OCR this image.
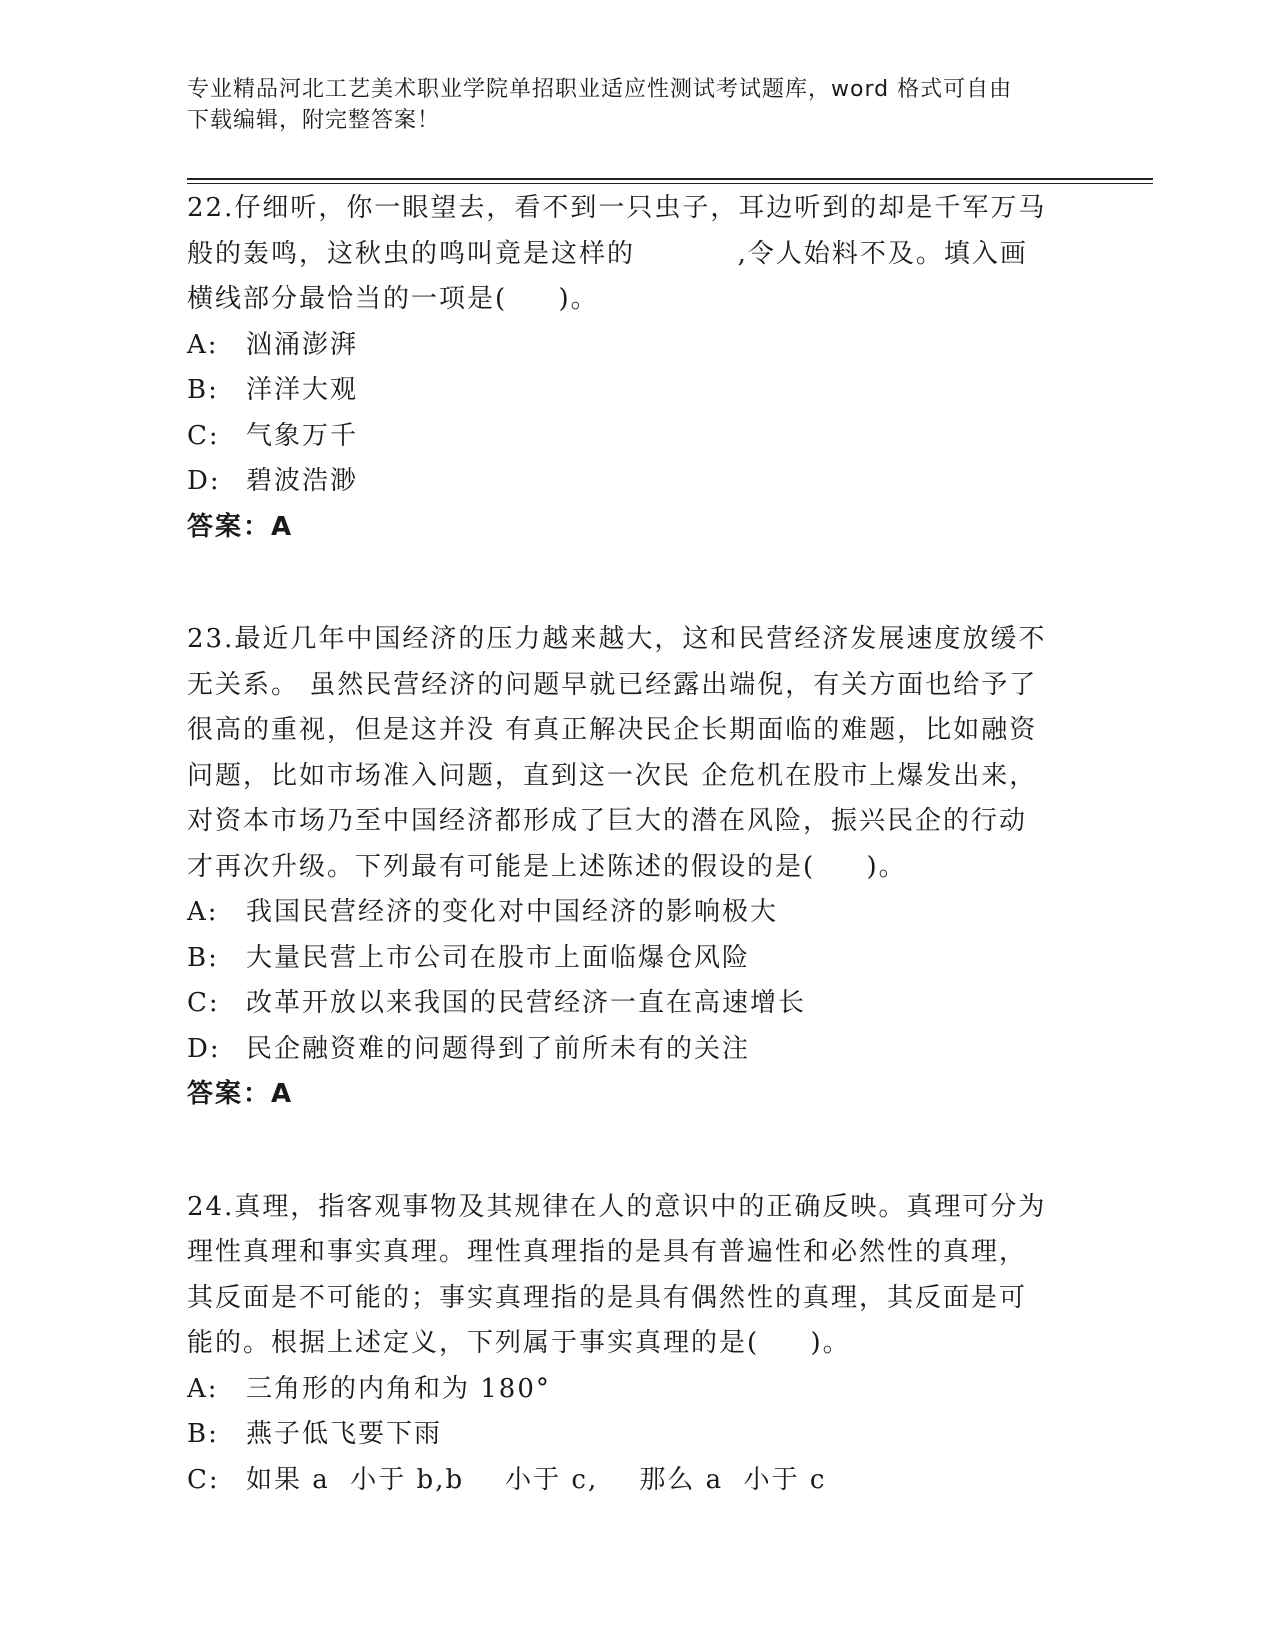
专业精品河北工艺美术职业学院单招职业适应性测试考试题库，word 格式可自由
下载编辑，附完整答案！
22.仔细听，你一眼望去，看不到一只虫子，耳边听到的却是千军万马
般的轰鸣，这秋虫的鸣叫竟是这样的          ,令人始料不及。填入画
横线部分最恰当的一项是(     )。
A:	汹涌澎湃
B:	洋洋大观
C:	气象万千
D: 碧波浩渺
答案：A
23.最近几年中国经济的压力越来越大，这和民营经济发展速度放缓不
无关系。 虽然民营经济的问题早就已经露出端倪，有关方面也给予了
很高的重视，但是这并没 有真正解决民企长期面临的难题，比如融资
问题，比如市场准入问题，直到这一次民 企危机在股市上爆发出来，
对资本市场乃至中国经济都形成了巨大的潜在风险，振兴民企的行动
才再次升级。下列最有可能是上述陈述的假设的是(     )。
A:	我国民营经济的变化对中国经济的影响极大
B:	大量民营上市公司在股市上面临爆仓风险
C:	改革开放以来我国的民营经济一直在高速增长
D: 民企融资难的问题得到了前所未有的关注
答案：A
24.真理，指客观事物及其规律在人的意识中的正确反映。真理可分为
理性真理和事实真理。理性真理指的是具有普遍性和必然性的真理，
其反面是不可能的；事实真理指的是具有偶然性的真理，其反面是可
能的。根据上述定义，下列属于事实真理的是(     )。
A:	三角形的内角和为 180°
B:	燕子低飞要下雨
C:	如果 a  小于 b,b    小于 c,    那么 a  小于 c
